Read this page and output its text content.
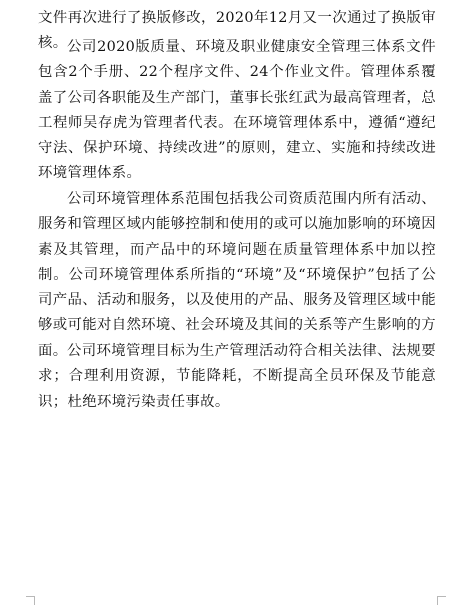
文件再次进行了换版修改，2020年12月又一次通过了换版审核。 公司2020版质量、环境及职业健康安全管理三体系文件包含2个手册、22个程序文件、24个作业文件。管理体系覆盖了公司各职能及生产部门，董事长张红武为最高管理者，总工程师吴存虎为管理者代表。在环境管理体系中，遵循“遵纪守法、保护环境、持续改进”的原则，建立、实施和持续改进环境管理体系。

公司环境管理体系范围包括我公司资质范围内所有活动、服务和管理区域内能够控制和使用的或可以施加影响的环境因素及其管理，而产品中的环境问题在质量管理体系中加以控制。公司环境管理体系所指的“环境”及“环境保护”包括了公司产品、活动和服务，以及使用的产品、服务及管理区域中能够或可能对自然环境、社会环境及其间的关系等产生影响的方面。 公司环境管理目标为生产管理活动符合相关法律、法规要求；合理利用资源，节能降耗，不断提高全员环保及节能意识；杜绝环境污染责任事故。
